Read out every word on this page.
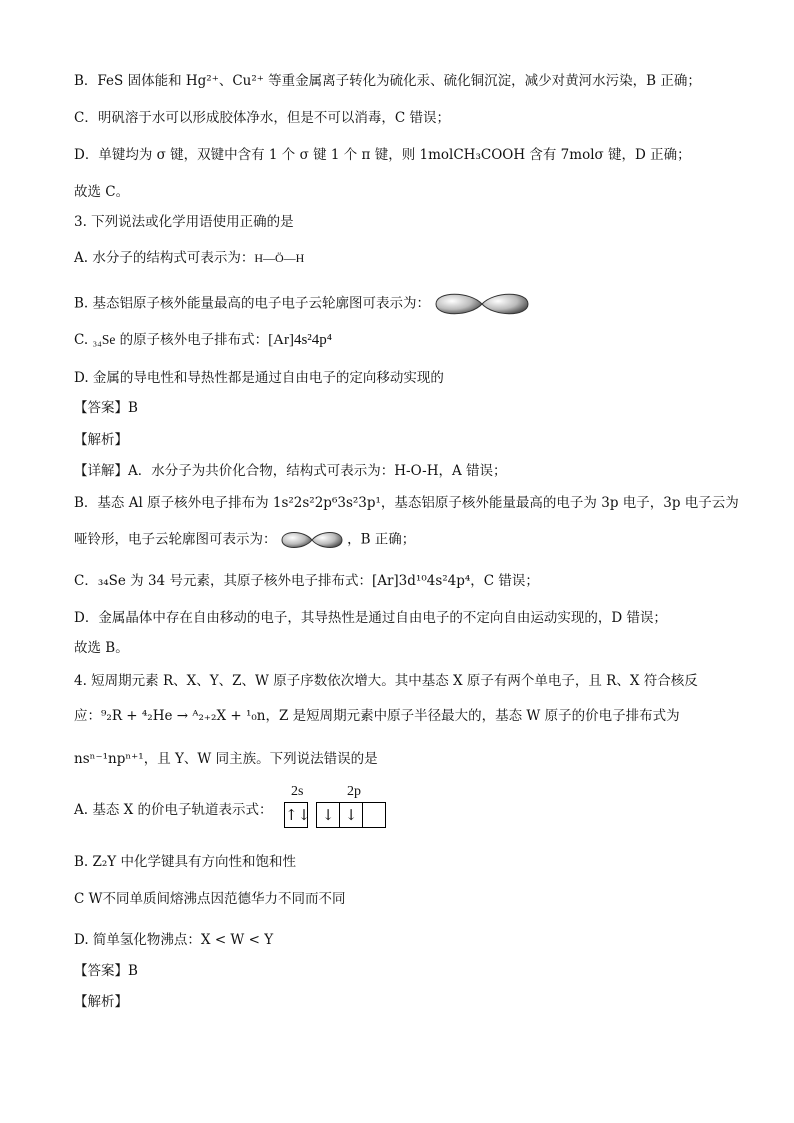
B．FeS 固体能和 Hg²⁺、Cu²⁺ 等重金属离子转化为硫化汞、硫化铜沉淀，减少对黄河水污染，B 正确；
C．明矾溶于水可以形成胶体净水，但是不可以消毒，C 错误；
D．单键均为 σ 键，双键中含有 1 个 σ 键 1 个 π 键，则 1molCH₃COOH 含有 7molσ 键，D 正确；
故选 C。
3. 下列说法或化学用语使用正确的是
A. 水分子的结构式可表示为：H—Ö—H
B. 基态铝原子核外能量最高的电子电子云轮廓图可表示为：
C. ₃₄Se 的原子核外电子排布式：[Ar]4s²4p⁴
D. 金属的导电性和导热性都是通过自由电子的定向移动实现的
【答案】B
【解析】
【详解】A．水分子为共价化合物，结构式可表示为：H-O-H，A 错误；
B．基态 Al 原子核外电子排布为 1s²2s²2p⁶3s²3p¹，基态铝原子核外能量最高的电子为 3p 电子，3p 电子云为
哑铃形，电子云轮廓图可表示为：	，B 正确；
C．₃₄Se 为 34 号元素，其原子核外电子排布式：[Ar]3d¹⁰4s²4p⁴，C 错误；
D．金属晶体中存在自由移动的电子，其导热性是通过自由电子的不定向自由运动实现的，D 错误；
故选 B。
4. 短周期元素 R、X、Y、Z、W 原子序数依次增大。其中基态 X 原子有两个单电子，且 R、X 符合核反
应：⁹₂R + ⁴₂He → ᴬ₂₊₂X + ¹₀n，Z 是短周期元素中原子半径最大的，基态 W 原子的价电子排布式为
nsⁿ⁻¹npⁿ⁺¹，且 Y、W 同主族。下列说法错误的是
A. 基态 X 的价电子轨道表示式：
2s	2p
↑↓ ↓ ↓
B. Z₂Y 中化学键具有方向性和饱和性
C W不同单质间熔沸点因范德华力不同而不同
D. 简单氢化物沸点：X < W < Y
【答案】B
【解析】
